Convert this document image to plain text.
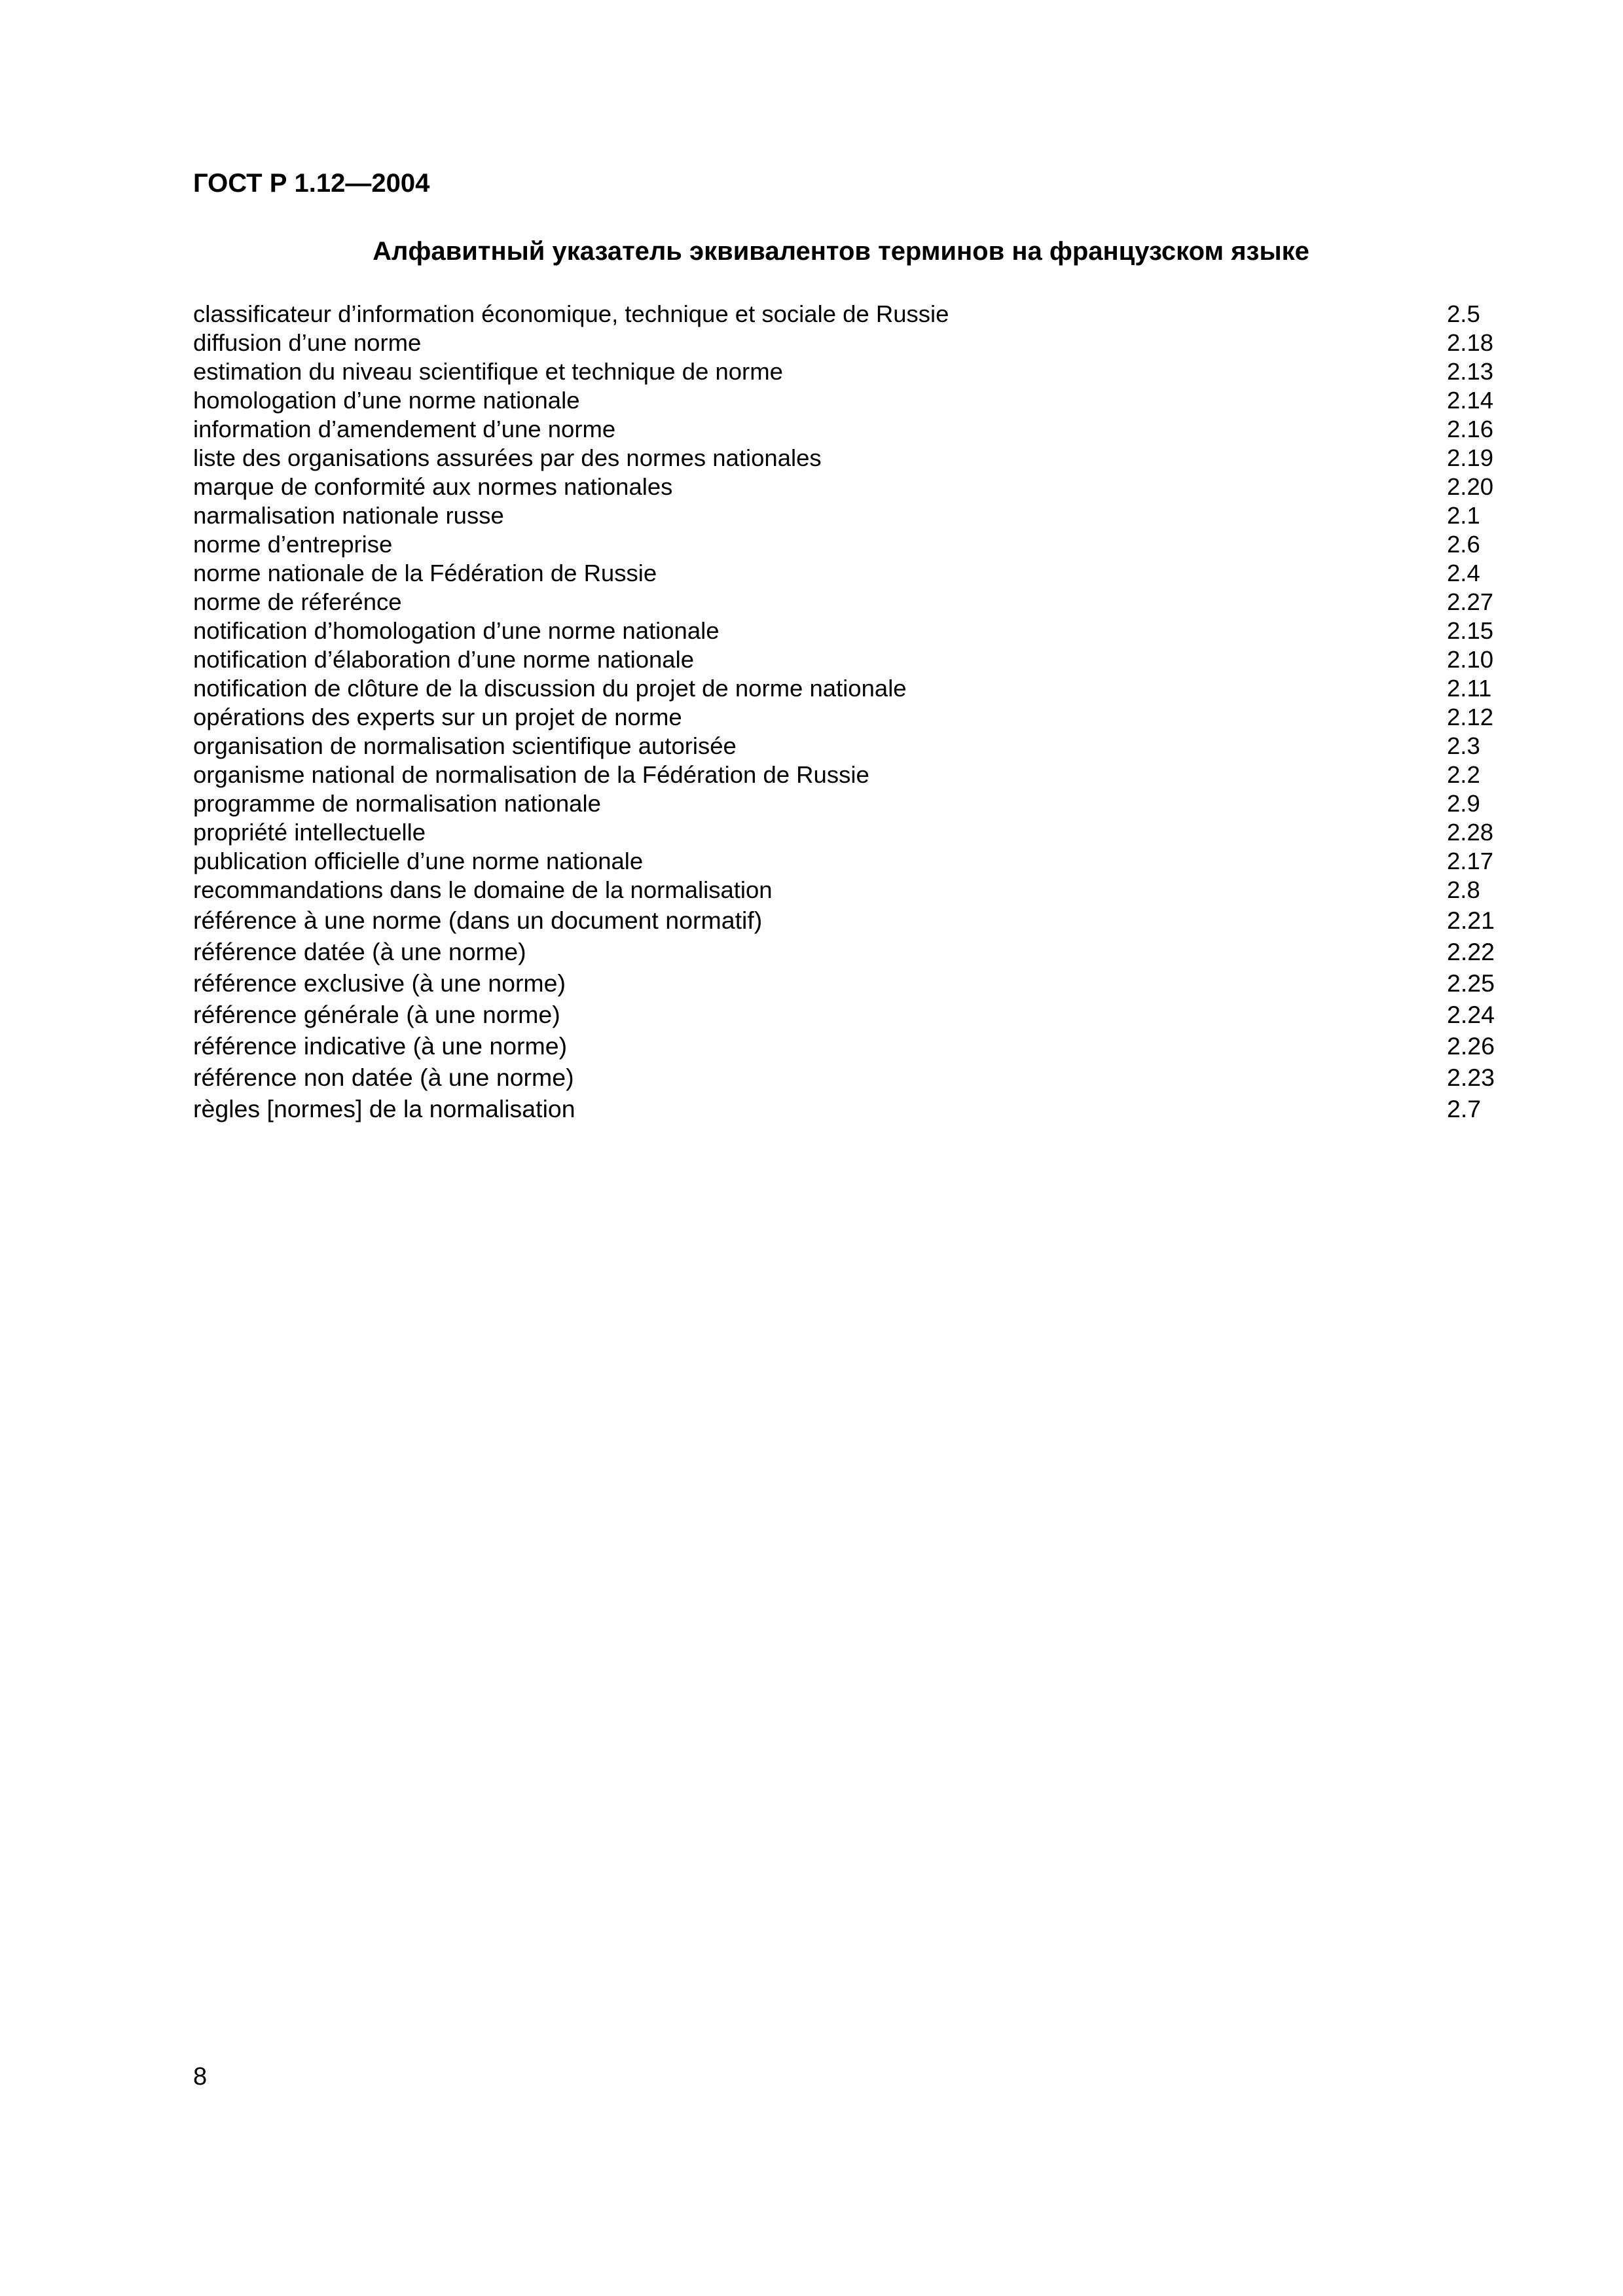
ГОСТ Р 1.12—2004
Алфавитный указатель эквивалентов терминов на французском языке
classificateur d’information économique, technique et sociale de Russie	2.5
diffusion d’une norme	2.18
estimation du niveau scientifique et technique de norme	2.13
homologation d’une norme nationale	2.14
information d’amendement d’une norme	2.16
liste des organisations assurées par des normes nationales	2.19
marque de conformité aux normes nationales	2.20
narmalisation nationale russe	2.1
norme d’entreprise	2.6
norme nationale de la Fédération de Russie	2.4
norme de réferénce	2.27
notification d’homologation d’une norme nationale	2.15
notification d’élaboration d’une norme nationale	2.10
notification de clôture de la discussion du projet de norme nationale	2.11
opérations des experts sur un projet de norme	2.12
organisation de normalisation scientifique autorisée	2.3
organisme national de normalisation de la Fédération de Russie	2.2
programme de normalisation nationale	2.9
propriété intellectuelle	2.28
publication officielle d’une norme nationale	2.17
recommandations dans le domaine de la normalisation	2.8
référence à une norme (dans un document normatif)	2.21
référence datée (à une norme)	2.22
référence exclusive (à une norme)	2.25
référence générale (à une norme)	2.24
référence indicative (à une norme)	2.26
référence non datée (à une norme)	2.23
règles [normes] de la normalisation	2.7
8
